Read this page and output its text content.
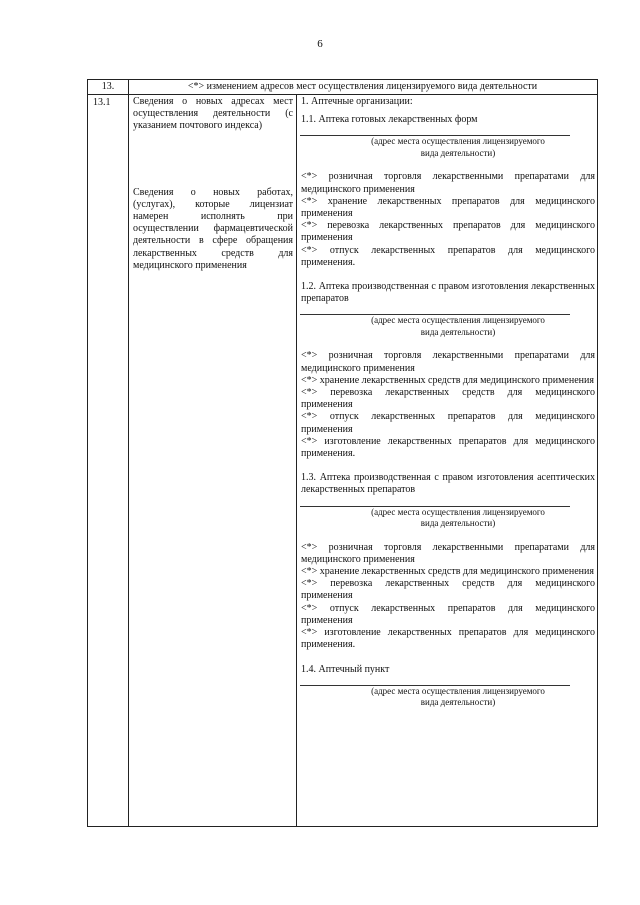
6
13.	<*> изменением адресов мест осуществления лицензируемого вида деятельности
13.1	Сведения о новых адресах мест осуществления деятельности (с указанием почтового индекса)

Сведения о новых работах, (услугах), которые лицензиат намерен исполнять при осуществлении фармацевтической деятельности в сфере обращения лекарственных средств для медицинского применения

1. Аптечные организации:

1.1. Аптека готовых лекарственных форм

(адрес места осуществления лицензируемого
вида деятельности)

<*> розничная торговля лекарственными препаратами для медицинского применения

<*> хранение лекарственных препаратов для медицинского применения

<*> перевозка лекарственных препаратов для медицинского применения

<*> отпуск лекарственных препаратов для медицинского применения.

1.2. Аптека производственная с правом изготовления лекарственных препаратов

(адрес места осуществления лицензируемого
вида деятельности)

<*> розничная торговля лекарственными препаратами для медицинского применения

<*> хранение лекарственных средств для медицинского применения

<*> перевозка лекарственных средств для медицинского применения

<*> отпуск лекарственных препаратов для медицинского применения

<*> изготовление лекарственных препаратов для медицинского применения.

1.3. Аптека производственная с правом изготовления асептических лекарственных препаратов

(адрес места осуществления лицензируемого
вида деятельности)

<*> розничная торговля лекарственными препаратами для медицинского применения

<*> хранение лекарственных средств для медицинского применения

<*> перевозка лекарственных средств для медицинского применения

<*> отпуск лекарственных препаратов для медицинского применения

<*> изготовление лекарственных препаратов для медицинского применения.

1.4. Аптечный пункт

(адрес места осуществления лицензируемого
вида деятельности)
